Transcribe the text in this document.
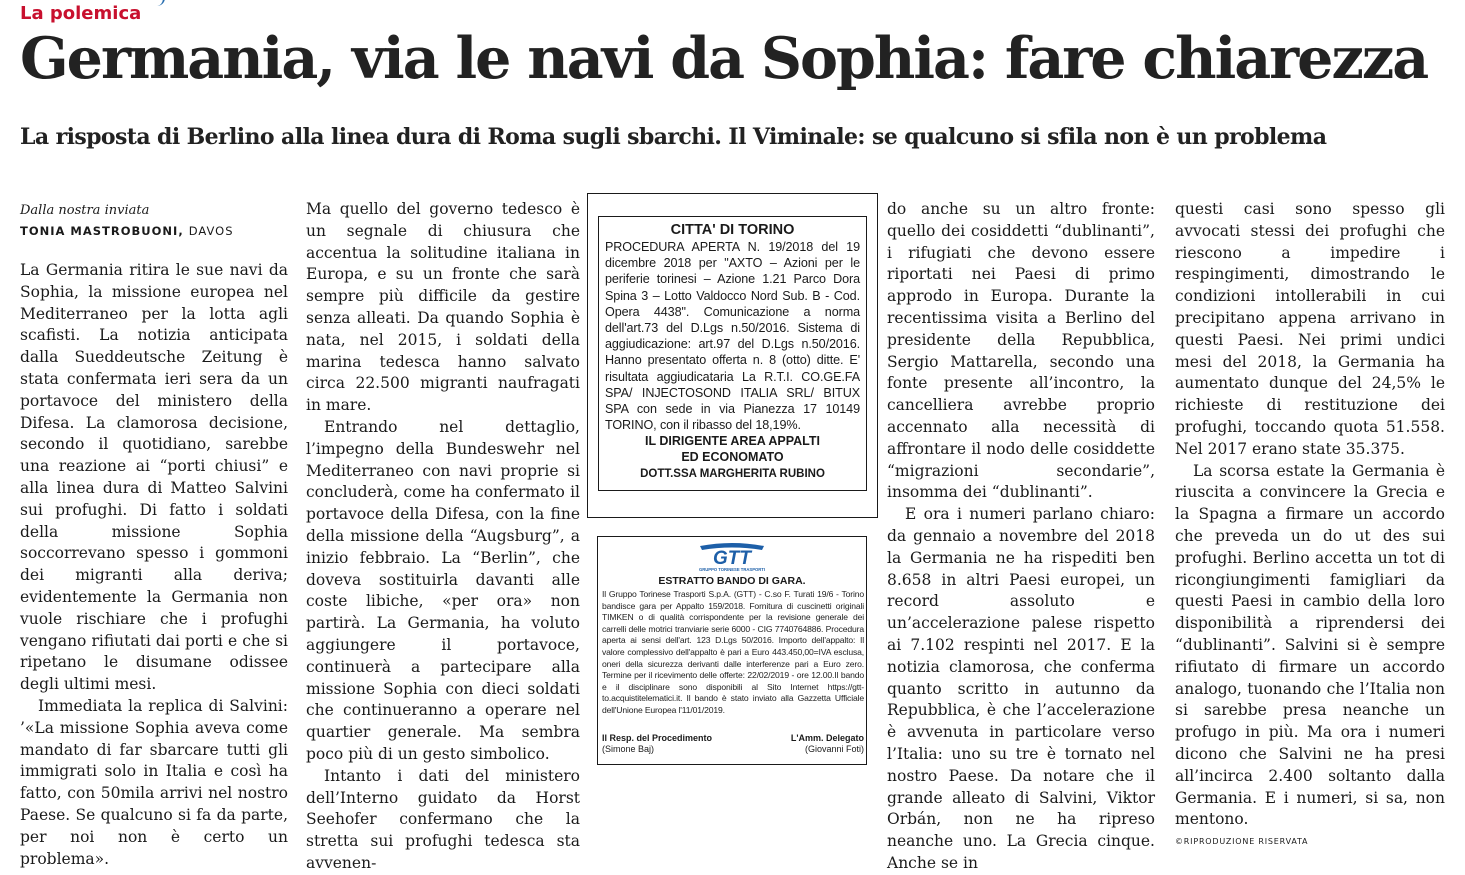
La polemica
Germania, via le navi da Sophia: fare chiarezza
La risposta di Berlino alla linea dura di Roma sugli sbarchi. Il Viminale: se qualcuno si sfila non è un problema
Dalla nostra inviata
TONIA MASTROBUONI, DAVOS

La Germania ritira le sue navi da Sophia, la missione europea nel Mediterraneo per la lotta agli scafisti. La notizia anticipata dalla Sueddeutsche Zeitung è stata confermata ieri sera da un portavoce del ministero della Difesa. La clamorosa decisione, secondo il quotidiano, sarebbe una reazione ai “porti chiusi” e alla linea dura di Matteo Salvini sui profughi. Di fatto i soldati della missione Sophia soccorrevano spesso i gommoni dei migranti alla deriva; evidentemente la Germania non vuole rischiare che i profughi vengano rifiutati dai porti e che si ripetano le disumane odissee degli ultimi mesi.

Immediata la replica di Salvini: ’«La missione Sophia aveva come mandato di far sbarcare tutti gli immigrati solo in Italia e così ha fatto, con 50mila arrivi nel nostro Paese. Se qualcuno si fa da parte, per noi non è certo un problema».

Ma quello del governo tedesco è un segnale di chiusura che accentua la solitudine italiana in Europa, e su un fronte che sarà sempre più difficile da gestire senza alleati. Da quando Sophia è nata, nel 2015, i soldati della marina tedesca hanno salvato circa 22.500 migranti naufragati in mare.

Entrando nel dettaglio, l’impegno della Bundeswehr nel Mediterraneo con navi proprie si concluderà, come ha confermato il portavoce della Difesa, con la fine della missione della “Augsburg”, a inizio febbraio. La “Berlin”, che doveva sostituirla davanti alle coste libiche, «per ora» non partirà. La Germania, ha voluto aggiungere il portavoce, continuerà a partecipare alla missione Sophia con dieci soldati che continueranno a operare nel quartier generale. Ma sembra poco più di un gesto simbolico.

Intanto i dati del ministero dell’Interno guidato da Horst Seehofer confermano che la stretta sui profughi tedesca sta avvenen-

CITTA' DI TORINO
PROCEDURA APERTA N. 19/2018 del 19 dicembre 2018 per "AXTO – Azioni per le periferie torinesi – Azione 1.21 Parco Dora Spina 3 – Lotto Valdocco Nord Sub. B - Cod. Opera 4438". Comunicazione a norma dell'art.73 del D.Lgs n.50/2016. Sistema di aggiudicazione: art.97 del D.Lgs n.50/2016. Hanno presentato offerta n. 8 (otto) ditte. E' risultata aggiudicataria La R.T.I. CO.GE.FA SPA/ INJECTOSOND ITALIA SRL/ BITUX SPA con sede in via Pianezza 17 10149 TORINO, con il ribasso del 18,19%.
IL DIRIGENTE AREA APPALTI
ED ECONOMATO
DOTT.SSA MARGHERITA RUBINO
GTT
GRUPPO TORINESE TRASPORTI
ESTRATTO BANDO DI GARA.
Il Gruppo Torinese Trasporti S.p.A. (GTT) - C.so F. Turati 19/6 - Torino bandisce gara per Appalto 159/2018. Fornitura di cuscinetti originali TIMKEN o di qualità corrispondente per la revisione generale dei carrelli delle motrici tranviarie serie 6000 - CIG 7740764886. Procedura aperta ai sensi dell'art. 123 D.Lgs 50/2016. Importo dell'appalto: Il valore complessivo dell'appalto è pari a Euro 443.450,00=IVA esclusa, oneri della sicurezza derivanti dalle interferenze pari a Euro zero. Termine per il ricevimento delle offerte: 22/02/2019 - ore 12.00.Il bando e il disciplinare sono disponibili al Sito Internet https://gtt-to.acquistitelematici.it. Il bando è stato inviato alla Gazzetta Ufficiale dell'Unione Europea l'11/01/2019.
Il Resp. del Procedimento
(Simone Baj)
L'Amm. Delegato
(Giovanni Foti)

do anche su un altro fronte: quello dei cosiddetti “dublinanti”, i rifugiati che devono essere riportati nei Paesi di primo approdo in Europa. Durante la recentissima visita a Berlino del presidente della Repubblica, Sergio Mattarella, secondo una fonte presente all’incontro, la cancelliera avrebbe proprio accennato alla necessità di affrontare il nodo delle cosiddette “migrazioni secondarie”, insomma dei “dublinanti”.

E ora i numeri parlano chiaro: da gennaio a novembre del 2018 la Germania ne ha rispediti ben 8.658 in altri Paesi europei, un record assoluto e un’accelerazione palese rispetto ai 7.102 respinti nel 2017. E la notizia clamorosa, che conferma quanto scritto in autunno da Repubblica, è che l’accelerazione è avvenuta in particolare verso l’Italia: uno su tre è tornato nel nostro Paese. Da notare che il grande alleato di Salvini, Viktor Orbán, non ne ha ripreso neanche uno. La Grecia cinque. Anche se in

questi casi sono spesso gli avvocati stessi dei profughi che riescono a impedire i respingimenti, dimostrando le condizioni intollerabili in cui precipitano appena arrivano in questi Paesi. Nei primi undici mesi del 2018, la Germania ha aumentato dunque del 24,5% le richieste di restituzione dei profughi, toccando quota 51.558. Nel 2017 erano state 35.375.

La scorsa estate la Germania è riuscita a convincere la Grecia e la Spagna a firmare un accordo che preveda un do ut des sui profughi. Berlino accetta un tot di ricongiungimenti famigliari da questi Paesi in cambio della loro disponibilità a riprendersi dei “dublinanti”. Salvini si è sempre rifiutato di firmare un accordo analogo, tuonando che l’Italia non si sarebbe presa neanche un profugo in più. Ma ora i numeri dicono che Salvini ne ha presi all’incirca 2.400 soltanto dalla Germania. E i numeri, si sa, non mentono.

©RIPRODUZIONE RISERVATA
